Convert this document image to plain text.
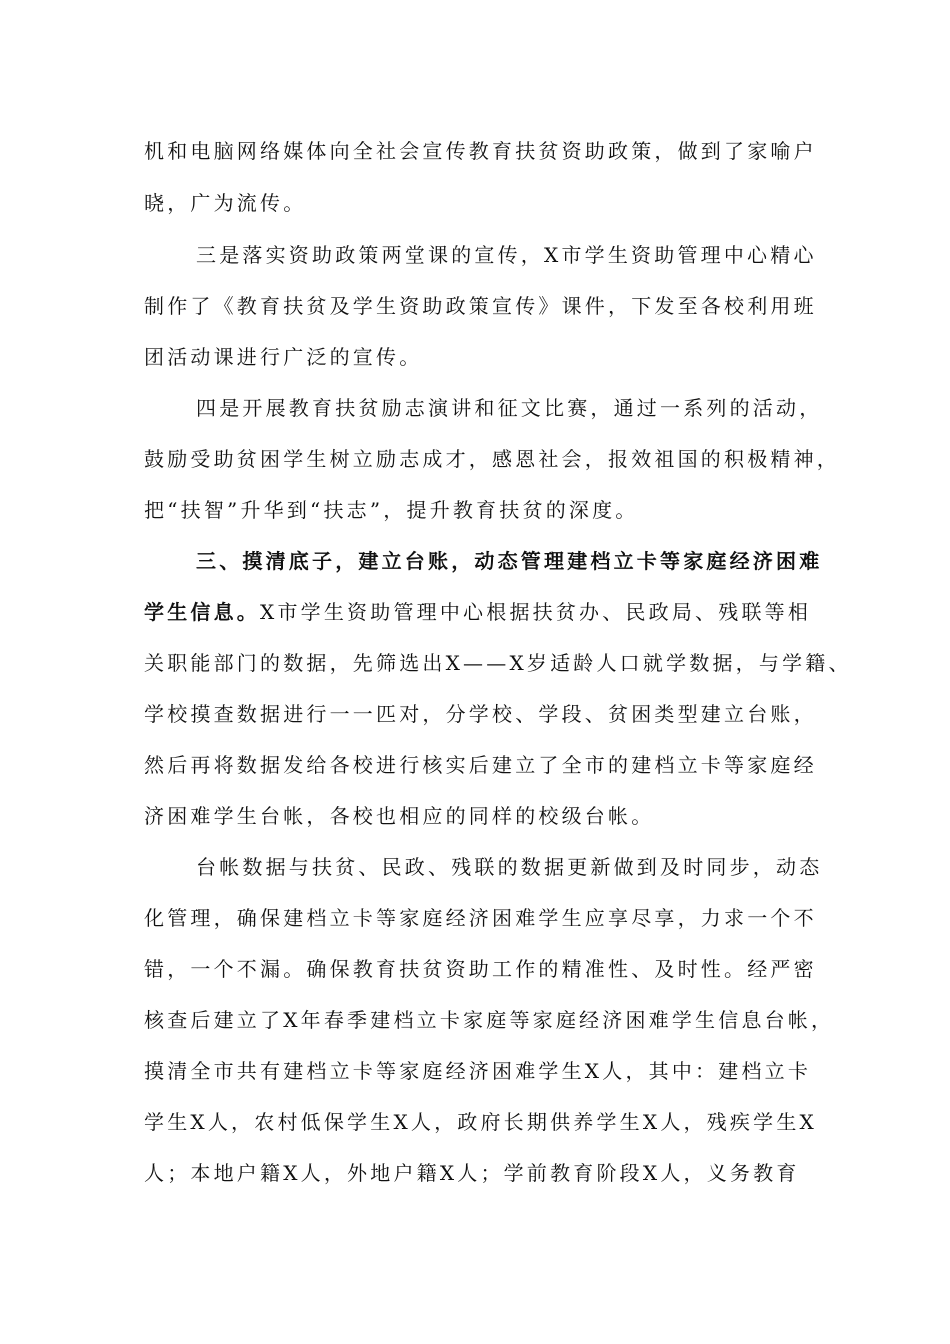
机和电脑网络媒体向全社会宣传教育扶贫资助政策，做到了家喻户
晓，广为流传。
三是落实资助政策两堂课的宣传，X市学生资助管理中心精心
制作了《教育扶贫及学生资助政策宣传》课件，下发至各校利用班
团活动课进行广泛的宣传。
四是开展教育扶贫励志演讲和征文比赛，通过一系列的活动，
鼓励受助贫困学生树立励志成才，感恩社会，报效祖国的积极精神，
把“扶智”升华到“扶志”，提升教育扶贫的深度。
三、摸清底子，建立台账，动态管理建档立卡等家庭经济困难
学生信息。X市学生资助管理中心根据扶贫办、民政局、残联等相
关职能部门的数据，先筛选出X——X岁适龄人口就学数据，与学籍、
学校摸查数据进行一一匹对，分学校、学段、贫困类型建立台账，
然后再将数据发给各校进行核实后建立了全市的建档立卡等家庭经
济困难学生台帐，各校也相应的同样的校级台帐。
台帐数据与扶贫、民政、残联的数据更新做到及时同步，动态
化管理，确保建档立卡等家庭经济困难学生应享尽享，力求一个不
错，一个不漏。确保教育扶贫资助工作的精准性、及时性。经严密
核查后建立了X年春季建档立卡家庭等家庭经济困难学生信息台帐，
摸清全市共有建档立卡等家庭经济困难学生X人，其中：建档立卡
学生X人，农村低保学生X人，政府长期供养学生X人，残疾学生X
人；本地户籍X人，外地户籍X人；学前教育阶段X人，义务教育
